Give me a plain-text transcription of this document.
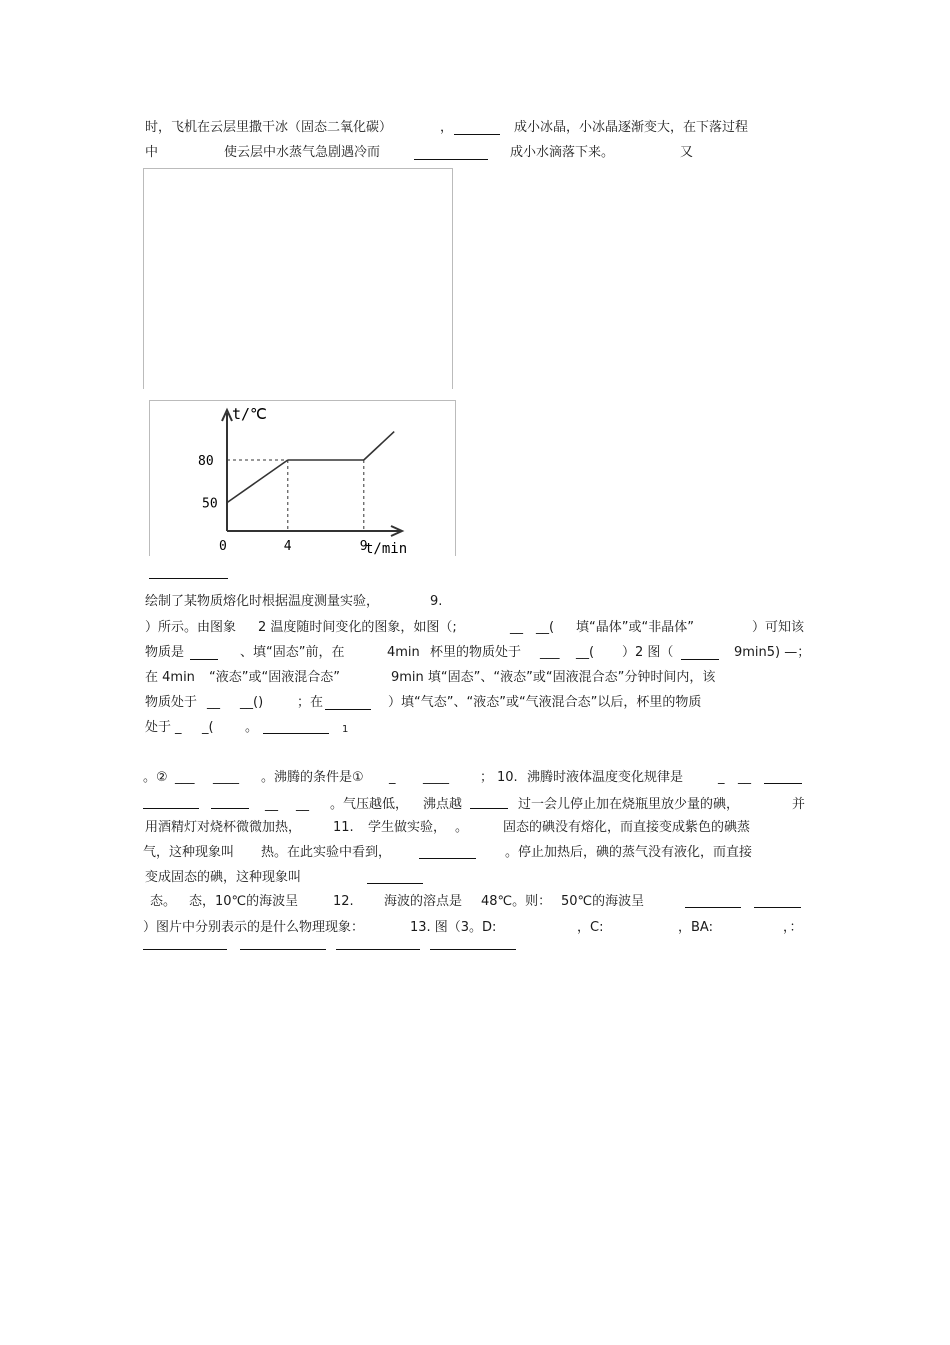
时，飞机在云层里撒干冰（固态二氧化碳）	，	成小冰晶，小冰晶逐渐变大，在下落过程
中	使云层中水蒸气急剧遇冷而	成小水滴落下来。	又
t/℃
t/min
0	4	9
80
50
绘制了某物质熔化时根据温度测量实验，	9.
）所示。由图象 2 温度随时间变化的图象，如图（;	__ __( 填“晶体”或“非晶体”	）可知该
物质是	、填“固态”前，在	4min 杯里的物质处于 ___ __( ）2 图（	9min5) —；
在 4min “液态”或“固液混合态”	9min 填“固态”、“液态”或“固液混合态”分钟时间内，该
物质处于 __ __()	；在	）填“气态”、“液态”或“气液混合态”以后，杯里的物质
处于 _ _( 。	1
。② ___ ____ 。沸腾的条件是① _ ____ ； 10. 沸腾时液体温度变化规律是	_ __
__ __ 。气压越低， 沸点越	过一会儿停止加在烧瓶里放少量的碘，	并
用酒精灯对烧杯微微加热， 11. 学生做实验， 。	固态的碘没有熔化，而直接变成紫色的碘蒸
气，这种现象叫 热。在此实验中看到，	。停止加热后，碘的蒸气没有液化，而直接
变成固态的碘，这种现象叫
态。 态，10℃的海波呈	12. 海波的溶点是 48℃。则： 50℃的海波呈
）图片中分别表示的是什么物理现象：	13. 图（3 。D:	，C:	，BA:	，：
